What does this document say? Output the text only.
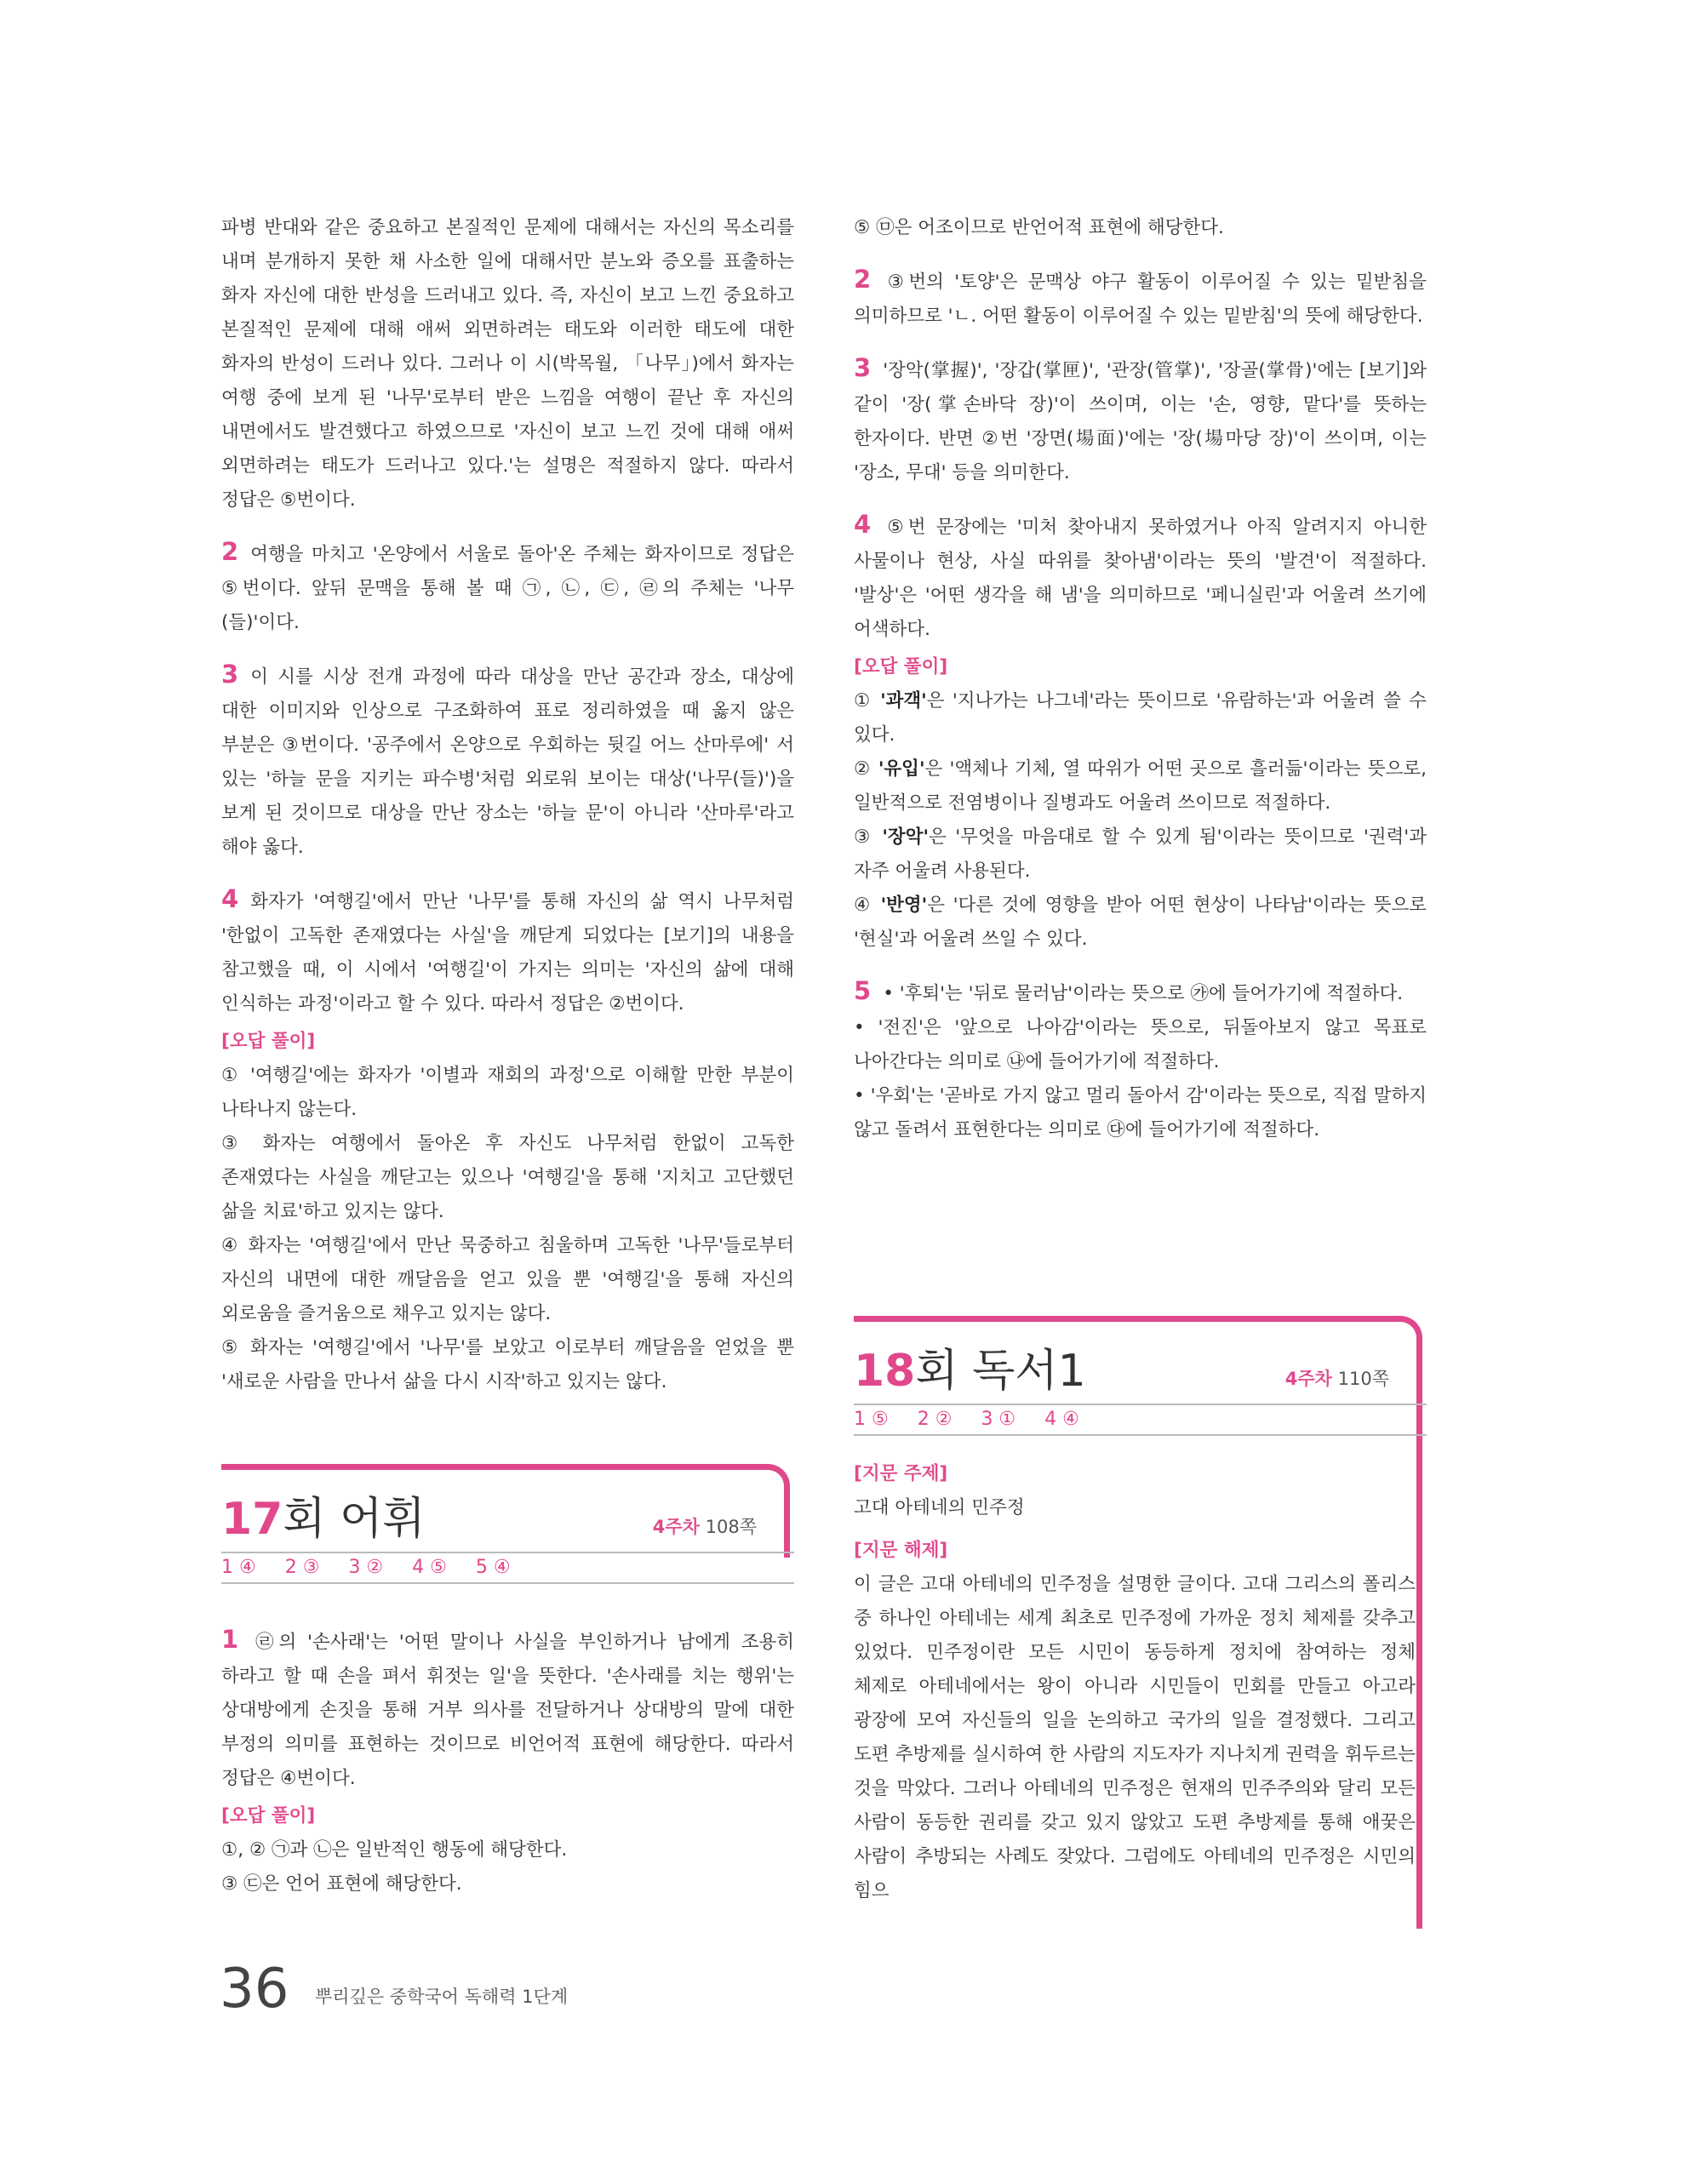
파병 반대와 같은 중요하고 본질적인 문제에 대해서는 자신의 목소리를 내며 분개하지 못한 채 사소한 일에 대해서만 분노와 증오를 표출하는 화자 자신에 대한 반성을 드러내고 있다. 즉, 자신이 보고 느낀 중요하고 본질적인 문제에 대해 애써 외면하려는 태도와 이러한 태도에 대한 화자의 반성이 드러나 있다. 그러나 이 시(박목월, 「나무」)에서 화자는 여행 중에 보게 된 '나무'로부터 받은 느낌을 여행이 끝난 후 자신의 내면에서도 발견했다고 하였으므로 '자신이 보고 느낀 것에 대해 애써 외면하려는 태도가 드러나고 있다.'는 설명은 적절하지 않다. 따라서 정답은 ⑤번이다.

2 여행을 마치고 '온양에서 서울로 돌아'온 주체는 화자이므로 정답은 ⑤번이다. 앞뒤 문맥을 통해 볼 때 ㉠, ㉡, ㉢, ㉣의 주체는 '나무(들)'이다.

3 이 시를 시상 전개 과정에 따라 대상을 만난 공간과 장소, 대상에 대한 이미지와 인상으로 구조화하여 표로 정리하였을 때 옳지 않은 부분은 ③번이다. '공주에서 온양으로 우회하는 뒷길 어느 산마루에' 서 있는 '하늘 문을 지키는 파수병'처럼 외로워 보이는 대상('나무(들)')을 보게 된 것이므로 대상을 만난 장소는 '하늘 문'이 아니라 '산마루'라고 해야 옳다.

4 화자가 '여행길'에서 만난 '나무'를 통해 자신의 삶 역시 나무처럼 '한없이 고독한 존재였다는 사실'을 깨닫게 되었다는 [보기]의 내용을 참고했을 때, 이 시에서 '여행길'이 가지는 의미는 '자신의 삶에 대해 인식하는 과정'이라고 할 수 있다. 따라서 정답은 ②번이다.

[오답 풀이]

① '여행길'에는 화자가 '이별과 재회의 과정'으로 이해할 만한 부분이 나타나지 않는다.

③ 화자는 여행에서 돌아온 후 자신도 나무처럼 한없이 고독한 존재였다는 사실을 깨닫고는 있으나 '여행길'을 통해 '지치고 고단했던 삶을 치료'하고 있지는 않다.

④ 화자는 '여행길'에서 만난 묵중하고 침울하며 고독한 '나무'들로부터 자신의 내면에 대한 깨달음을 얻고 있을 뿐 '여행길'을 통해 자신의 외로움을 즐거움으로 채우고 있지는 않다.

⑤ 화자는 '여행길'에서 '나무'를 보았고 이로부터 깨달음을 얻었을 뿐 '새로운 사람을 만나서 삶을 다시 시작'하고 있지는 않다.

17회 어휘	4주차 108쪽
1 ④ 2 ③ 3 ② 4 ⑤ 5 ④

1 ㉣의 '손사래'는 '어떤 말이나 사실을 부인하거나 남에게 조용히 하라고 할 때 손을 펴서 휘젓는 일'을 뜻한다. '손사래를 치는 행위'는 상대방에게 손짓을 통해 거부 의사를 전달하거나 상대방의 말에 대한 부정의 의미를 표현하는 것이므로 비언어적 표현에 해당한다. 따라서 정답은 ④번이다.

[오답 풀이]

①, ② ㉠과 ㉡은 일반적인 행동에 해당한다.

③ ㉢은 언어 표현에 해당한다.

⑤ ㉤은 어조이므로 반언어적 표현에 해당한다.

2 ③번의 '토양'은 문맥상 야구 활동이 이루어질 수 있는 밑받침을 의미하므로 'ㄴ. 어떤 활동이 이루어질 수 있는 밑받침'의 뜻에 해당한다.

3 '장악(掌握)', '장갑(掌匣)', '관장(管掌)', '장골(掌骨)'에는 [보기]와 같이 '장(掌손바닥 장)'이 쓰이며, 이는 '손, 영향, 맡다'를 뜻하는 한자이다. 반면 ②번 '장면(場面)'에는 '장(場마당 장)'이 쓰이며, 이는 '장소, 무대' 등을 의미한다.

4 ⑤번 문장에는 '미처 찾아내지 못하였거나 아직 알려지지 아니한 사물이나 현상, 사실 따위를 찾아냄'이라는 뜻의 '발견'이 적절하다. '발상'은 '어떤 생각을 해 냄'을 의미하므로 '페니실린'과 어울려 쓰기에 어색하다.

[오답 풀이]

① '과객'은 '지나가는 나그네'라는 뜻이므로 '유람하는'과 어울려 쓸 수 있다.

② '유입'은 '액체나 기체, 열 따위가 어떤 곳으로 흘러듦'이라는 뜻으로, 일반적으로 전염병이나 질병과도 어울려 쓰이므로 적절하다.

③ '장악'은 '무엇을 마음대로 할 수 있게 됨'이라는 뜻이므로 '권력'과 자주 어울려 사용된다.

④ '반영'은 '다른 것에 영향을 받아 어떤 현상이 나타남'이라는 뜻으로 '현실'과 어울려 쓰일 수 있다.

5 • '후퇴'는 '뒤로 물러남'이라는 뜻으로 ㉮에 들어가기에 적절하다.

• '전진'은 '앞으로 나아감'이라는 뜻으로, 뒤돌아보지 않고 목표로 나아간다는 의미로 ㉯에 들어가기에 적절하다.

• '우회'는 '곧바로 가지 않고 멀리 돌아서 감'이라는 뜻으로, 직접 말하지 않고 돌려서 표현한다는 의미로 ㉰에 들어가기에 적절하다.

18회 독서1	4주차 110쪽
1 ⑤ 2 ② 3 ① 4 ④
[지문 주제]

고대 아테네의 민주정

[지문 해제]

이 글은 고대 아테네의 민주정을 설명한 글이다. 고대 그리스의 폴리스 중 하나인 아테네는 세계 최초로 민주정에 가까운 정치 체제를 갖추고 있었다. 민주정이란 모든 시민이 동등하게 정치에 참여하는 정체 체제로 아테네에서는 왕이 아니라 시민들이 민회를 만들고 아고라 광장에 모여 자신들의 일을 논의하고 국가의 일을 결정했다. 그리고 도편 추방제를 실시하여 한 사람의 지도자가 지나치게 권력을 휘두르는 것을 막았다. 그러나 아테네의 민주정은 현재의 민주주의와 달리 모든 사람이 동등한 권리를 갖고 있지 않았고 도편 추방제를 통해 애꿎은 사람이 추방되는 사례도 잦았다. 그럼에도 아테네의 민주정은 시민의 힘으

36 뿌리깊은 중학국어 독해력 1단계
